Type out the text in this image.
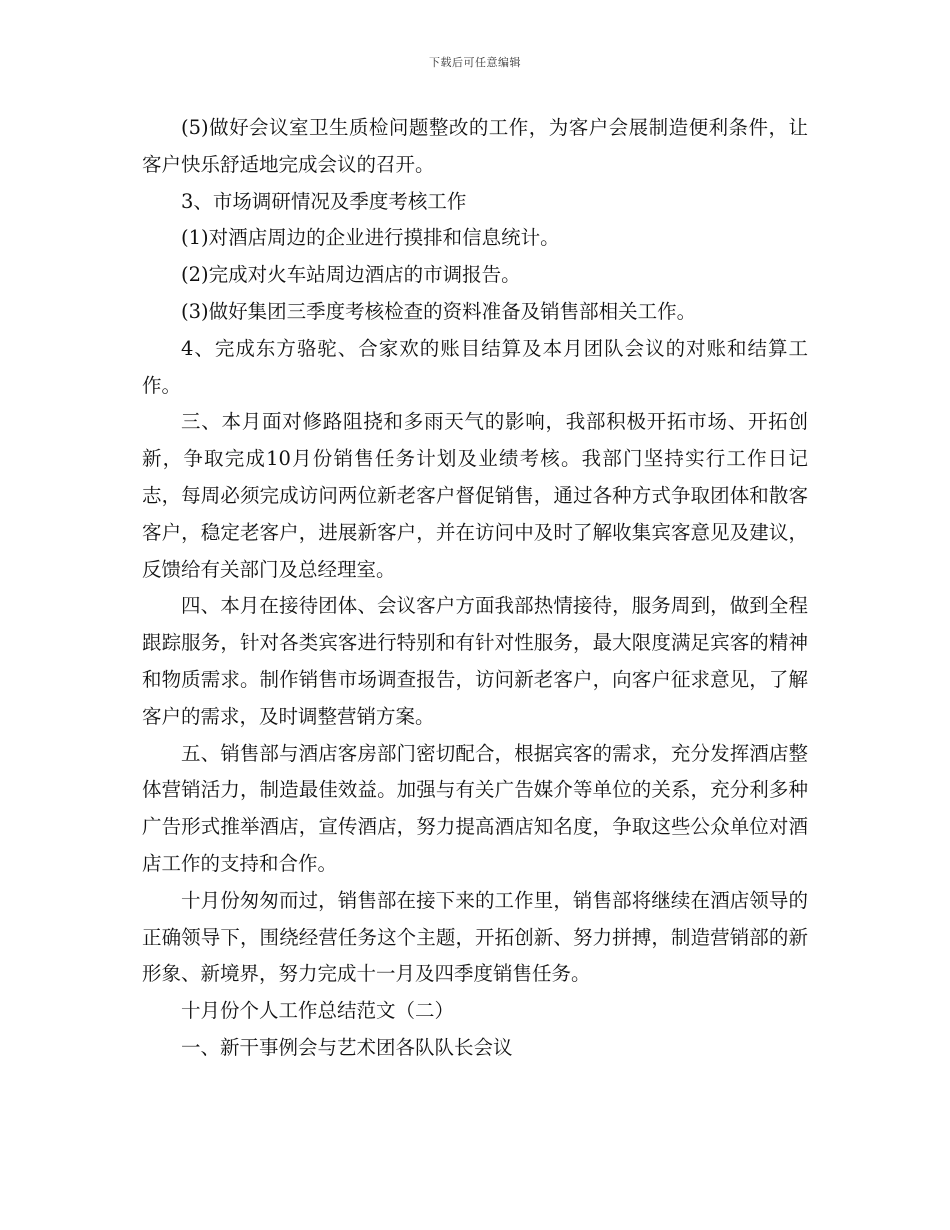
下载后可任意编辑

(5)做好会议室卫生质检问题整改的工作，为客户会展制造便利条件，让客户快乐舒适地完成会议的召开。

3、市场调研情况及季度考核工作

(1)对酒店周边的企业进行摸排和信息统计。

(2)完成对火车站周边酒店的市调报告。

(3)做好集团三季度考核检查的资料准备及销售部相关工作。

4、完成东方骆驼、合家欢的账目结算及本月团队会议的对账和结算工作。

三、本月面对修路阻挠和多雨天气的影响，我部积极开拓市场、开拓创新，争取完成10月份销售任务计划及业绩考核。我部门坚持实行工作日记志，每周必须完成访问两位新老客户督促销售，通过各种方式争取团体和散客客户，稳定老客户，进展新客户，并在访问中及时了解收集宾客意见及建议，反馈给有关部门及总经理室。

四、本月在接待团体、会议客户方面我部热情接待，服务周到，做到全程跟踪服务，针对各类宾客进行特别和有针对性服务，最大限度满足宾客的精神和物质需求。制作销售市场调查报告，访问新老客户，向客户征求意见，了解客户的需求，及时调整营销方案。

五、销售部与酒店客房部门密切配合，根据宾客的需求，充分发挥酒店整体营销活力，制造最佳效益。加强与有关广告媒介等单位的关系，充分利多种广告形式推举酒店，宣传酒店，努力提高酒店知名度，争取这些公众单位对酒店工作的支持和合作。

十月份匆匆而过，销售部在接下来的工作里，销售部将继续在酒店领导的正确领导下，围绕经营任务这个主题，开拓创新、努力拼搏，制造营销部的新形象、新境界，努力完成十一月及四季度销售任务。

十月份个人工作总结范文（二）

一、新干事例会与艺术团各队队长会议
